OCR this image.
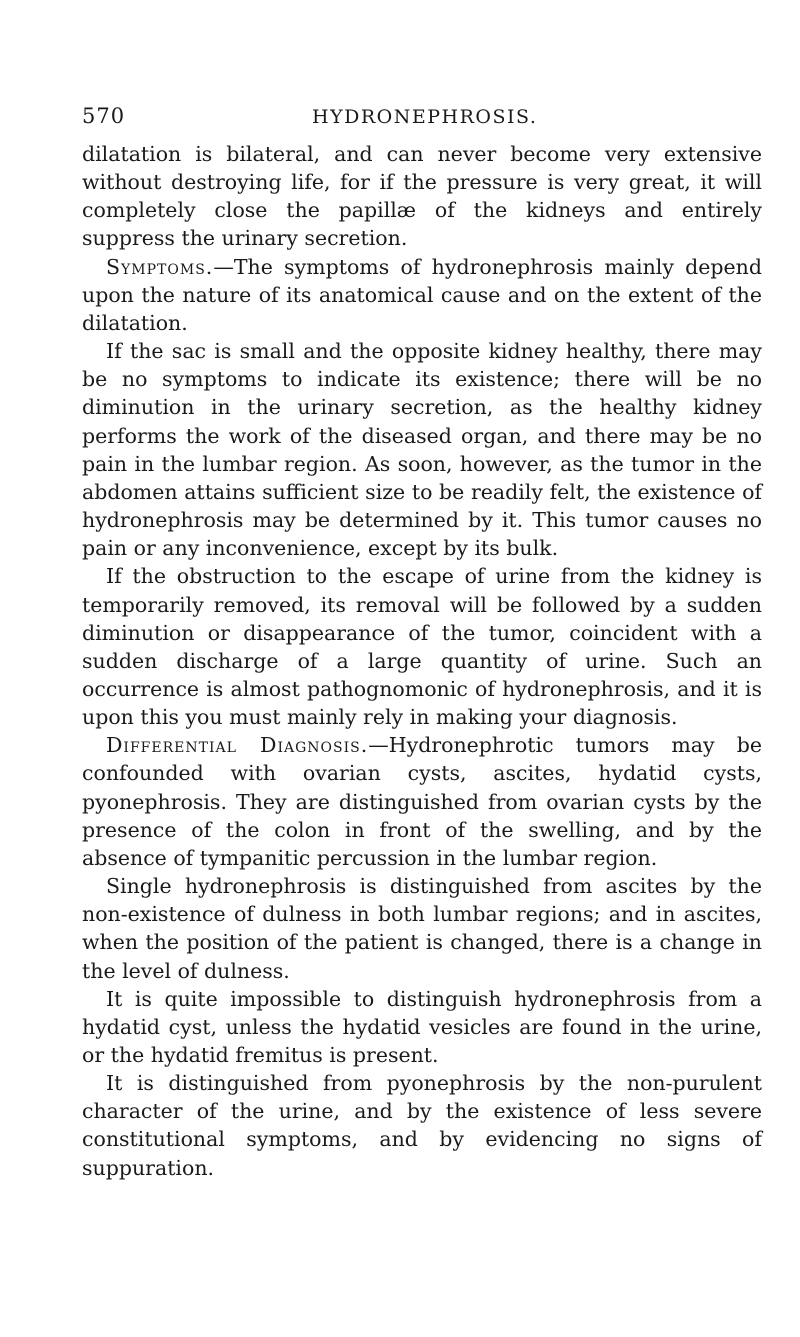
570	HYDRONEPHROSIS.

dilatation is bilateral, and can never become very extensive without destroying life, for if the pressure is very great, it will completely close the papillæ of the kidneys and entirely suppress the urinary secretion.

Symptoms.—The symptoms of hydronephrosis mainly depend upon the nature of its anatomical cause and on the extent of the dilatation.

If the sac is small and the opposite kidney healthy, there may be no symptoms to indicate its existence; there will be no diminution in the urinary secretion, as the healthy kidney performs the work of the diseased organ, and there may be no pain in the lumbar region. As soon, however, as the tumor in the abdomen attains sufficient size to be readily felt, the existence of hydronephrosis may be determined by it. This tumor causes no pain or any inconvenience, except by its bulk.

If the obstruction to the escape of urine from the kidney is temporarily removed, its removal will be followed by a sudden diminution or disappearance of the tumor, coincident with a sudden discharge of a large quantity of urine. Such an occurrence is almost pathognomonic of hydronephrosis, and it is upon this you must mainly rely in making your diagnosis.

Differential Diagnosis.—Hydronephrotic tumors may be confounded with ovarian cysts, ascites, hydatid cysts, pyonephrosis. They are distinguished from ovarian cysts by the presence of the colon in front of the swelling, and by the absence of tympanitic percussion in the lumbar region.

Single hydronephrosis is distinguished from ascites by the non-existence of dulness in both lumbar regions; and in ascites, when the position of the patient is changed, there is a change in the level of dulness.

It is quite impossible to distinguish hydronephrosis from a hydatid cyst, unless the hydatid vesicles are found in the urine, or the hydatid fremitus is present.

It is distinguished from pyonephrosis by the non-purulent character of the urine, and by the existence of less severe constitutional symptoms, and by evidencing no signs of suppuration.
